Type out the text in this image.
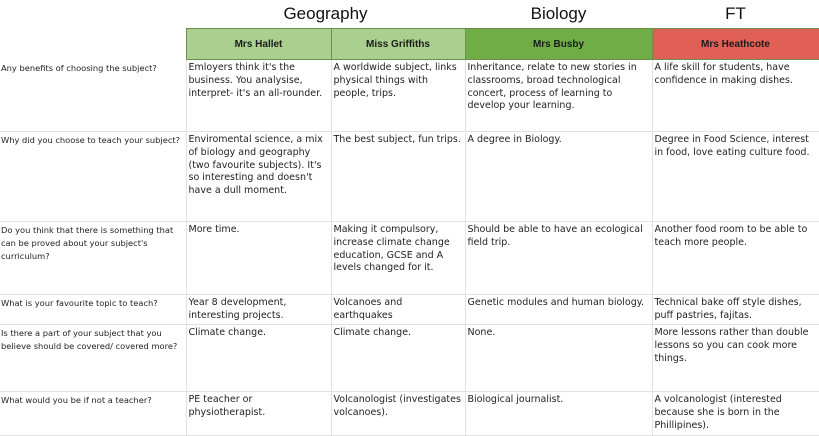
Geography	Biology	FT
	Mrs Hallet	Miss Griffiths	Mrs Busby	Mrs Heathcote
Any benefits of choosing the subject?	Emloyers think it's the business. You analysise, interpret- it's an all-rounder.	A worldwide subject, links physical things with people, trips.	Inheritance, relate to new stories in classrooms, broad technological concert, process of learning to develop your learning.	A life skill for students, have confidence in making dishes.
Why did you choose to teach your subject?	Enviromental science, a mix of biology and geography (two favourite subjects). It's so interesting and doesn't have a dull moment.	The best subject, fun trips.	A degree in Biology.	Degree in Food Science, interest in food, love eating culture food.
Do you think that there is something that can be proved about your subject's curriculum?	More time.	Making it compulsory, increase climate change education, GCSE and A levels changed for it.	Should be able to have an ecological field trip.	Another food room to be able to teach more people.
What is your favourite topic to teach?	Year 8 development, interesting projects.	Volcanoes and earthquakes	Genetic modules and human biology.	Technical bake off style dishes, puff pastries, fajitas.
Is there a part of your subject that you believe should be covered/ covered more?	Climate change.	Climate change.	None.	More lessons rather than double lessons so you can cook more things.
What would you be if not a teacher?	PE teacher or physiotherapist.	Volcanologist (investigates volcanoes).	Biological journalist.	A volcanologist (interested because she is born in the Phillipines).
